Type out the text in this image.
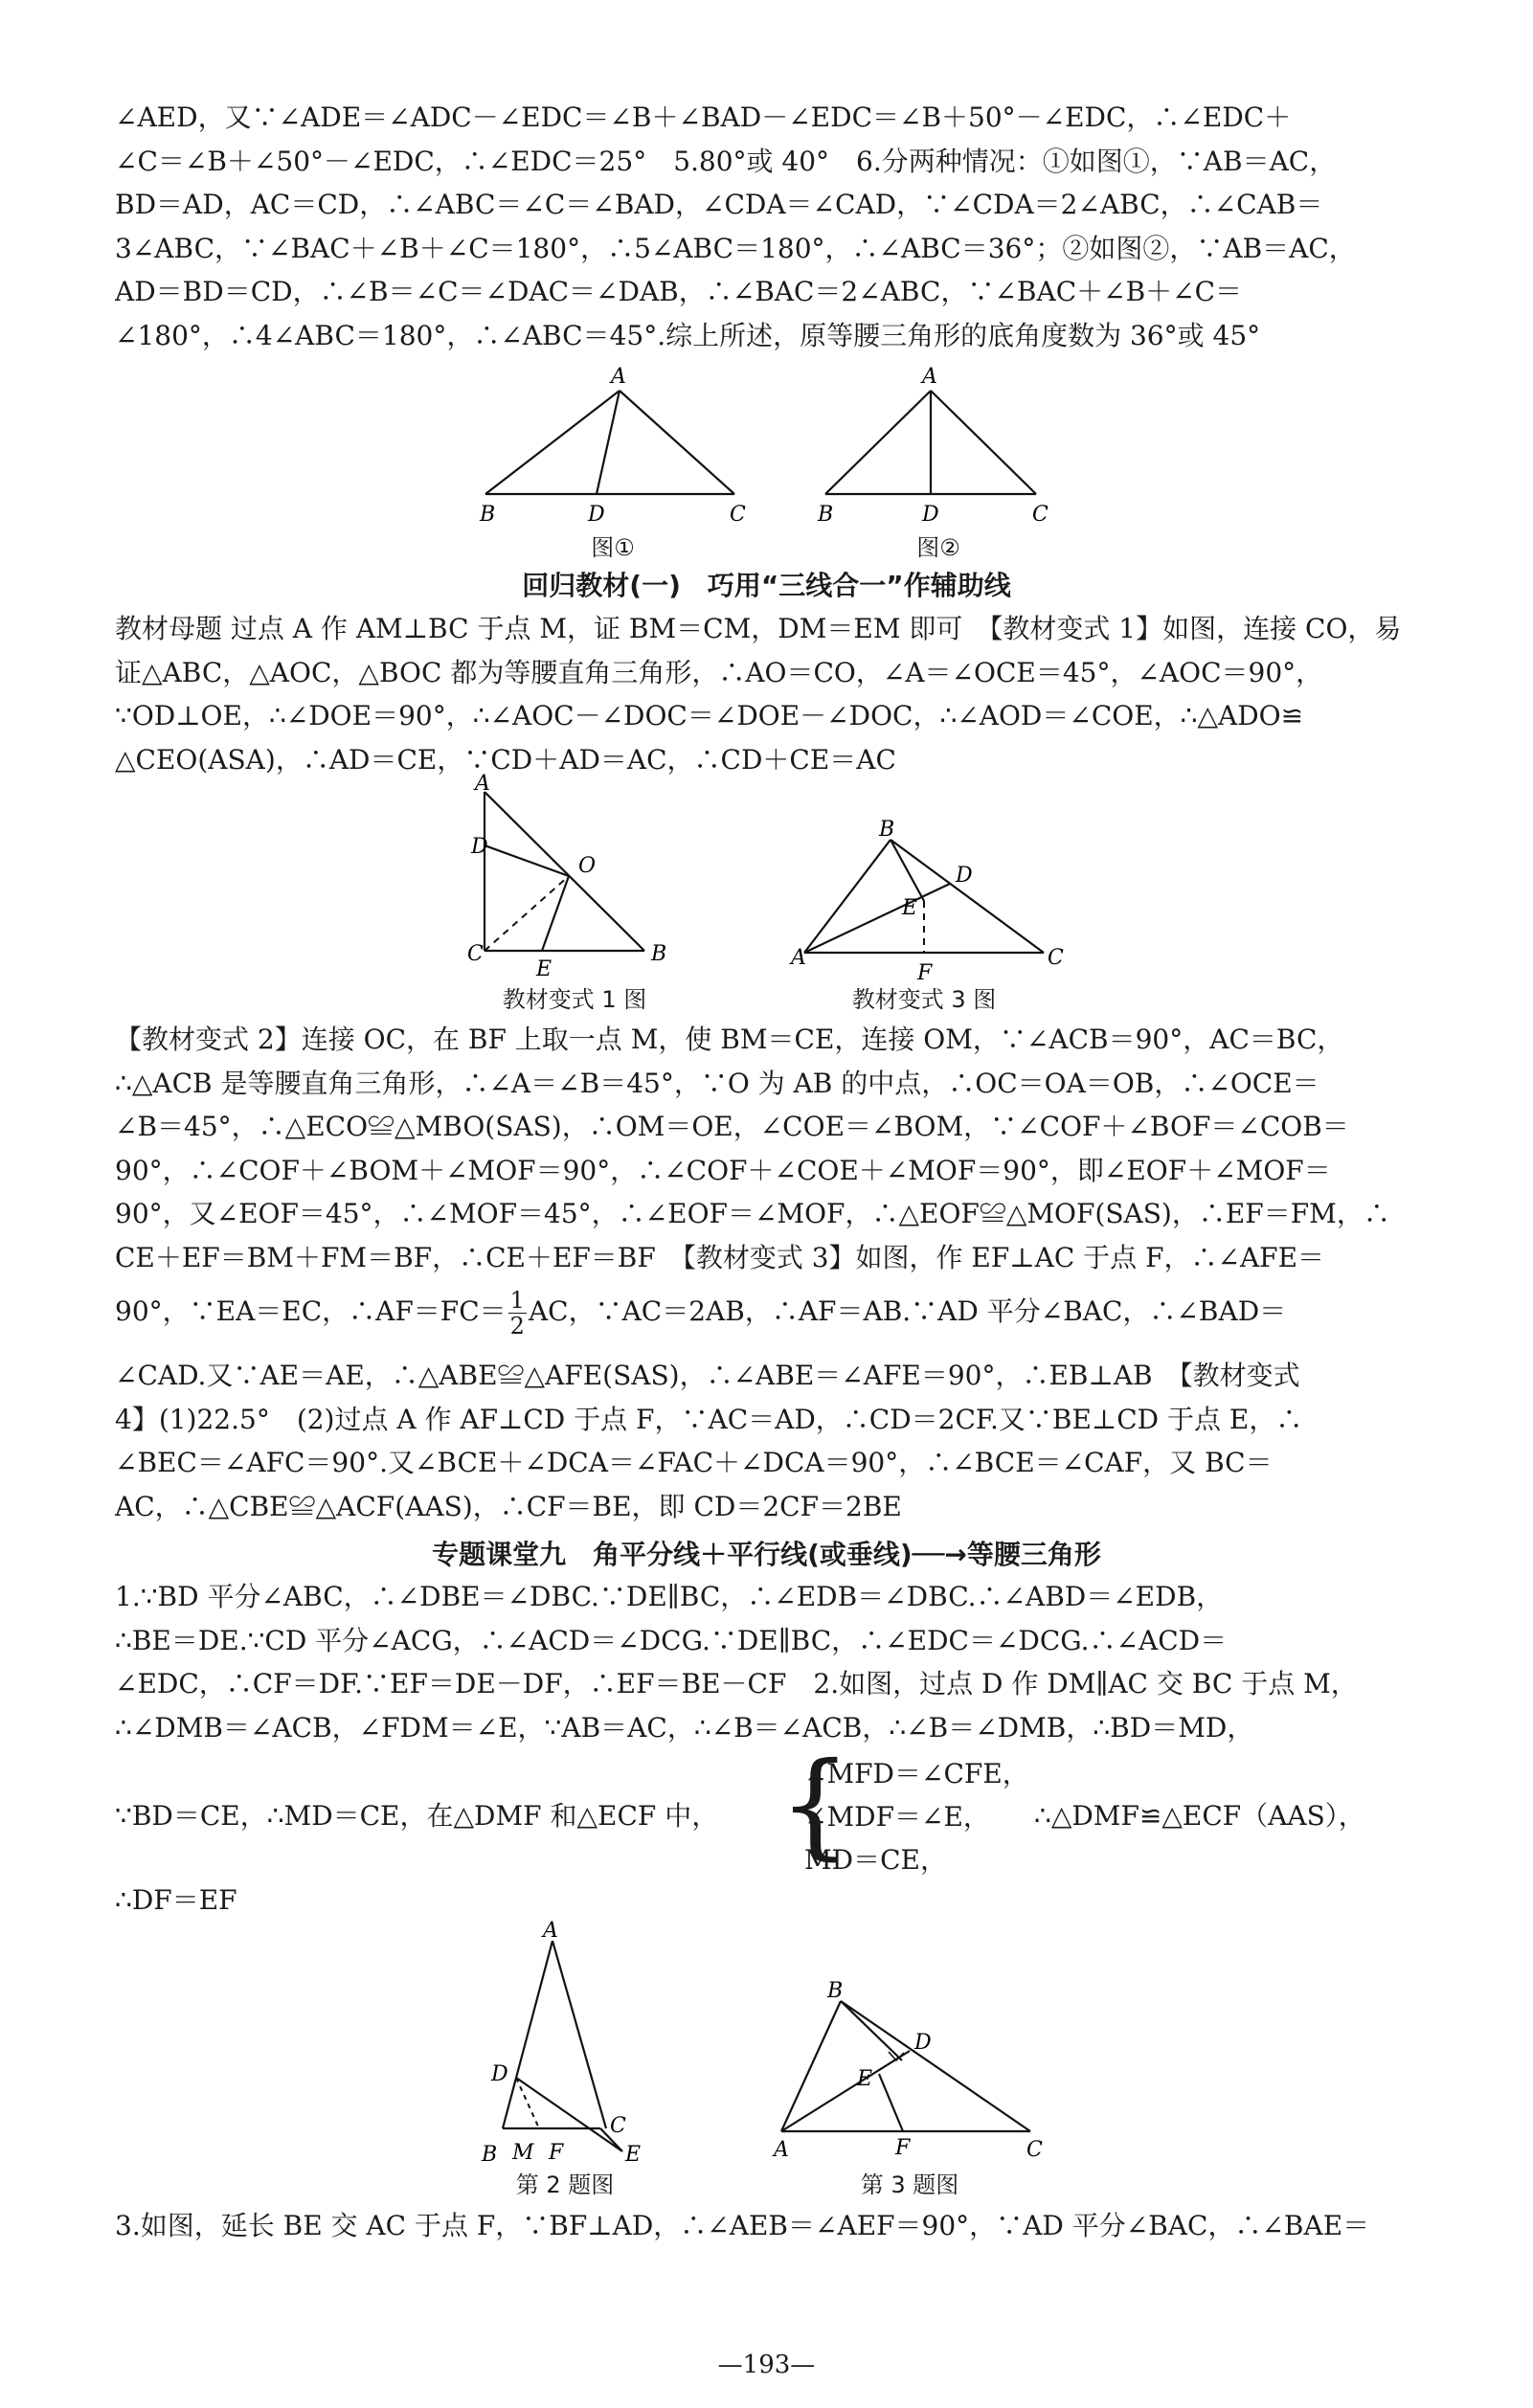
∠AED，又∵∠ADE＝∠ADC－∠EDC＝∠B＋∠BAD－∠EDC＝∠B＋50°－∠EDC，∴∠EDC＋
∠C＝∠B＋∠50°－∠EDC，∴∠EDC＝25°　5.80°或 40°　6.分两种情况：①如图①，∵AB＝AC，
BD＝AD，AC＝CD，∴∠ABC＝∠C＝∠BAD，∠CDA＝∠CAD，∵∠CDA＝2∠ABC，∴∠CAB＝
3∠ABC，∵∠BAC＋∠B＋∠C＝180°，∴5∠ABC＝180°，∴∠ABC＝36°；②如图②，∵AB＝AC，
AD＝BD＝CD，∴∠B＝∠C＝∠DAC＝∠DAB，∴∠BAC＝2∠ABC，∵∠BAC＋∠B＋∠C＝
∠180°，∴4∠ABC＝180°，∴∠ABC＝45°.综上所述，原等腰三角形的底角度数为 36°或 45°
A
B	D	C
图①
A
B	D	C
图②
回归教材(一)　巧用“三线合一”作辅助线
教材母题 过点 A 作 AM⊥BC 于点 M，证 BM＝CM，DM＝EM 即可　【教材变式 1】如图，连接 CO，易
证△ABC，△AOC，△BOC 都为等腰直角三角形，∴AO＝CO，∠A＝∠OCE＝45°，∠AOC＝90°，
∵OD⊥OE，∴∠DOE＝90°，∴∠AOC－∠DOC＝∠DOE－∠DOC，∴∠AOD＝∠COE，∴△ADO≌
△CEO(ASA)，∴AD＝CE，∵CD＋AD＝AC，∴CD＋CE＝AC
A
D
O
C
E
B
教材变式 1 图
B
D
E
A
F
C
教材变式 3 图
【教材变式 2】连接 OC，在 BF 上取一点 M，使 BM＝CE，连接 OM，∵∠ACB＝90°，AC＝BC，
∴△ACB 是等腰直角三角形，∴∠A＝∠B＝45°，∵O 为 AB 的中点，∴OC＝OA＝OB，∴∠OCE＝
∠B＝45°，∴△ECO≌△MBO(SAS)，∴OM＝OE，∠COE＝∠BOM，∵∠COF＋∠BOF＝∠COB＝
90°，∴∠COF＋∠BOM＋∠MOF＝90°，∴∠COF＋∠COE＋∠MOF＝90°，即∠EOF＋∠MOF＝
90°，又∠EOF＝45°，∴∠MOF＝45°，∴∠EOF＝∠MOF，∴△EOF≌△MOF(SAS)，∴EF＝FM，∴
CE＋EF＝BM＋FM＝BF，∴CE＋EF＝BF　【教材变式 3】如图，作 EF⊥AC 于点 F，∴∠AFE＝
90°，∵EA＝EC，∴AF＝FC＝ $\frac{1}{2}$ AC，∵AC＝2AB，∴AF＝AB.∵AD 平分∠BAC，∴∠BAD＝
∠CAD.又∵AE＝AE，∴△ABE≌△AFE(SAS)，∴∠ABE＝∠AFE＝90°，∴EB⊥AB　【教材变式
4】(1)22.5°　(2)过点 A 作 AF⊥CD 于点 F，∵AC＝AD，∴CD＝2CF.又∵BE⊥CD 于点 E，∴
∠BEC＝∠AFC＝90°.又∠BCE＋∠DCA＝∠FAC＋∠DCA＝90°，∴∠BCE＝∠CAF，又 BC＝
AC，∴△CBE≌△ACF(AAS)，∴CF＝BE，即 CD＝2CF＝2BE
专题课堂九　角平分线＋平行线(或垂线)──→等腰三角形
1.∵BD 平分∠ABC，∴∠DBE＝∠DBC.∵DE∥BC，∴∠EDB＝∠DBC.∴∠ABD＝∠EDB，
∴BE＝DE.∵CD 平分∠ACG，∴∠ACD＝∠DCG.∵DE∥BC，∴∠EDC＝∠DCG.∴∠ACD＝
∠EDC，∴CF＝DF.∵EF＝DE－DF，∴EF＝BE－CF　2.如图，过点 D 作 DM∥AC 交 BC 于点 M，
∴∠DMB＝∠ACB，∠FDM＝∠E，∵AB＝AC，∴∠B＝∠ACB，∴∠B＝∠DMB，∴BD＝MD，
∵BD＝CE，∴MD＝CE，在△DMF 和△ECF 中， {
∠MFD＝∠CFE，
∠MDF＝∠E，
MD＝CE，
∴△DMF≌△ECF（AAS），
∴DF＝EF
A
D
C
B M F	E
第 2 题图
B
D
E
A	F	C
第 3 题图
3.如图，延长 BE 交 AC 于点 F，∵BF⊥AD，∴∠AEB＝∠AEF＝90°，∵AD 平分∠BAC，∴∠BAE＝
—193—
